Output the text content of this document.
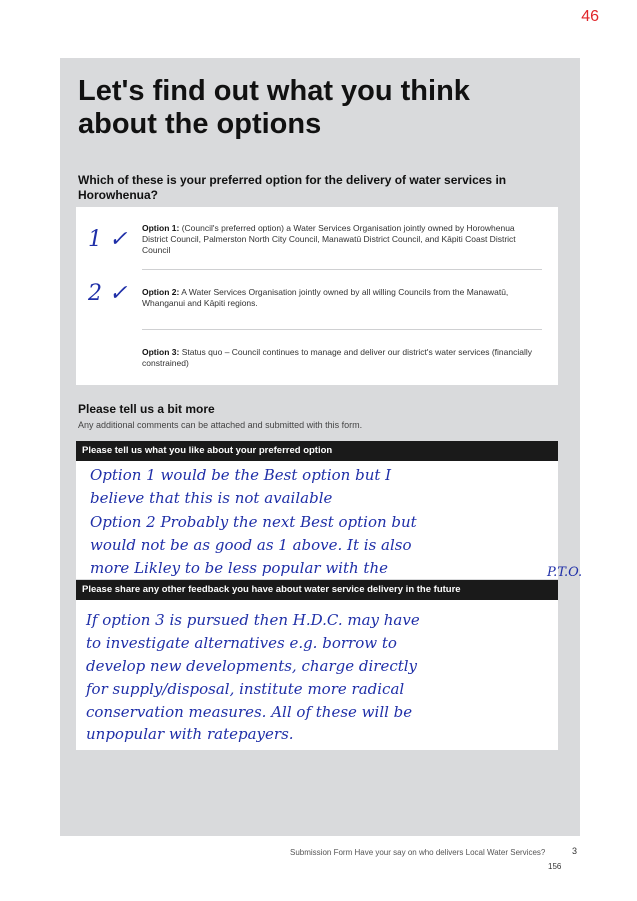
46
Let's find out what you think about the options
Which of these is your preferred option for the delivery of water services in Horowhenua?
1 ✓ Option 1: (Council's preferred option) a Water Services Organisation jointly owned by Horowhenua District Council, Palmerston North City Council, Manawatū District Council, and Kāpiti Coast District Council
2 ✓ Option 2: A Water Services Organisation jointly owned by all willing Councils from the Manawatū, Whanganui and Kāpiti regions.
Option 3: Status quo – Council continues to manage and deliver our district's water services (financially constrained)
Please tell us a bit more
Any additional comments can be attached and submitted with this form.
Please tell us what you like about your preferred option
Option 1 would be the Best option but I
believe that this is not available
Option 2 Probably the next Best option but
would not be as good as 1 above. It is also
more Likley to be less popular with the	P.T.O.
Please share any other feedback you have about water service delivery in the future
If option 3 is pursued then H.D.C. may have
to investigate alternatives e.g. borrow to
develop new developments, charge directly
for supply/disposal, institute more radical
conservation measures. All of these will be
unpopular with ratepayers.
Submission Form Have your say on who delivers Local Water Services?	3
156
